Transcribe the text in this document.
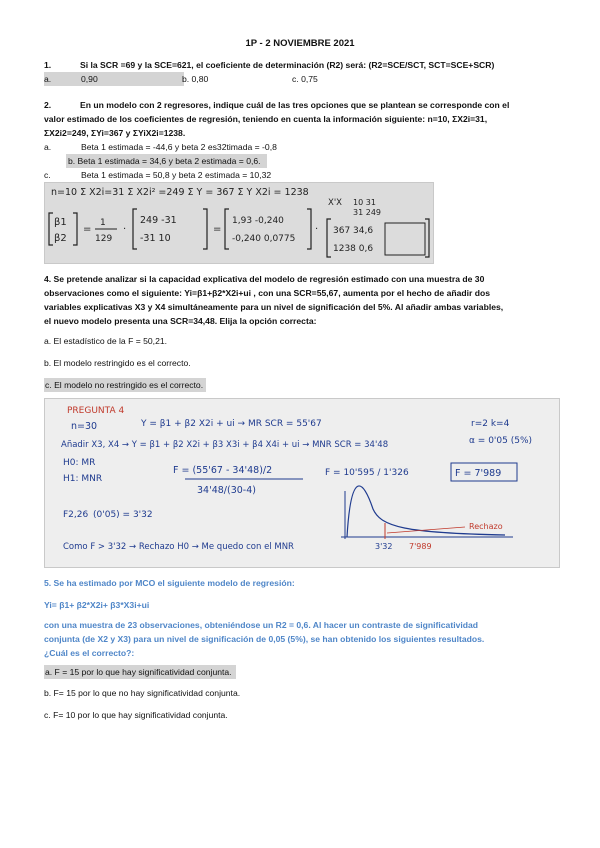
1P - 2 NOVIEMBRE 2021
1.	Si la SCR =69 y la SCE=621, el coeficiente de determinación (R2) será: (R2=SCE/SCT, SCT=SCE+SCR)
a.	0,90	b. 0,80	c. 0,75
2.	En un modelo con 2 regresores, indique cuál de las tres opciones que se plantean se corresponde con el
valor estimado de los coeficientes de regresión, teniendo en cuenta la información siguiente: n=10, ΣX2i=31,
ΣX2i2=249, ΣYi=367 y ΣYiX2i=1238.
a.	Beta 1 estimada = -44,6 y beta 2 es32timada = -0,8
b. Beta 1 estimada = 34,6 y beta 2 estimada = 0,6.
c.	Beta 1 estimada = 50,8 y beta 2 estimada = 10,32
n=10 Σ X2i=31 Σ X2i² =249 Σ Y = 367 Σ Y X2i = 1238
β1
β2
=
1
129
·
249 -31
-31 10
=
1,93 -0,240
-0,240 0,0775
X'X 10 31
31 249
· 367 34,6
1238 0,6
4. Se pretende analizar si la capacidad explicativa del modelo de regresión estimado con una muestra de 30
observaciones como el siguiente: Yi=β1+β2*X2i+ui , con una SCR=55,67, aumenta por el hecho de añadir dos
variables explicativas X3 y X4 simultáneamente para un nivel de significación del 5%. Al añadir ambas variables,
el nuevo modelo presenta una SCR=34,48. Elija la opción correcta:
a. El estadístico de la F = 50,21.
b. El modelo restringido es el correcto.
c. El modelo no restringido es el correcto.
PREGUNTA 4
n=30	Y = β1 + β2 X2i + ui → MR SCR = 55'67	r=2 k=4
Añadir X3, X4 → Y = β1 + β2 X2i + β3 X3i + β4 X4i + ui → MNR SCR = 34'48	α = 0'05 (5%)
H0: MR
H1: MNR
F = (55'67 - 34'48)/2
34'48/(30-4)
F = 10'595 / 1'326	F = 7'989
F2,26 (0'05) = 3'32
Como F > 3'32 → Rechazo H0 → Me quedo con el MNR	3'32 7'989
Rechazo
5. Se ha estimado por MCO el siguiente modelo de regresión:
Yi= β1+ β2*X2i+ β3*X3i+ui
con una muestra de 23 observaciones, obteniéndose un R2 = 0,6. Al hacer un contraste de significatividad
conjunta (de X2 y X3) para un nivel de significación de 0,05 (5%), se han obtenido los siguientes resultados.
¿Cuál es el correcto?:
a. F = 15 por lo que hay significatividad conjunta.
b. F= 15 por lo que no hay significatividad conjunta.
c. F= 10 por lo que hay significatividad conjunta.
